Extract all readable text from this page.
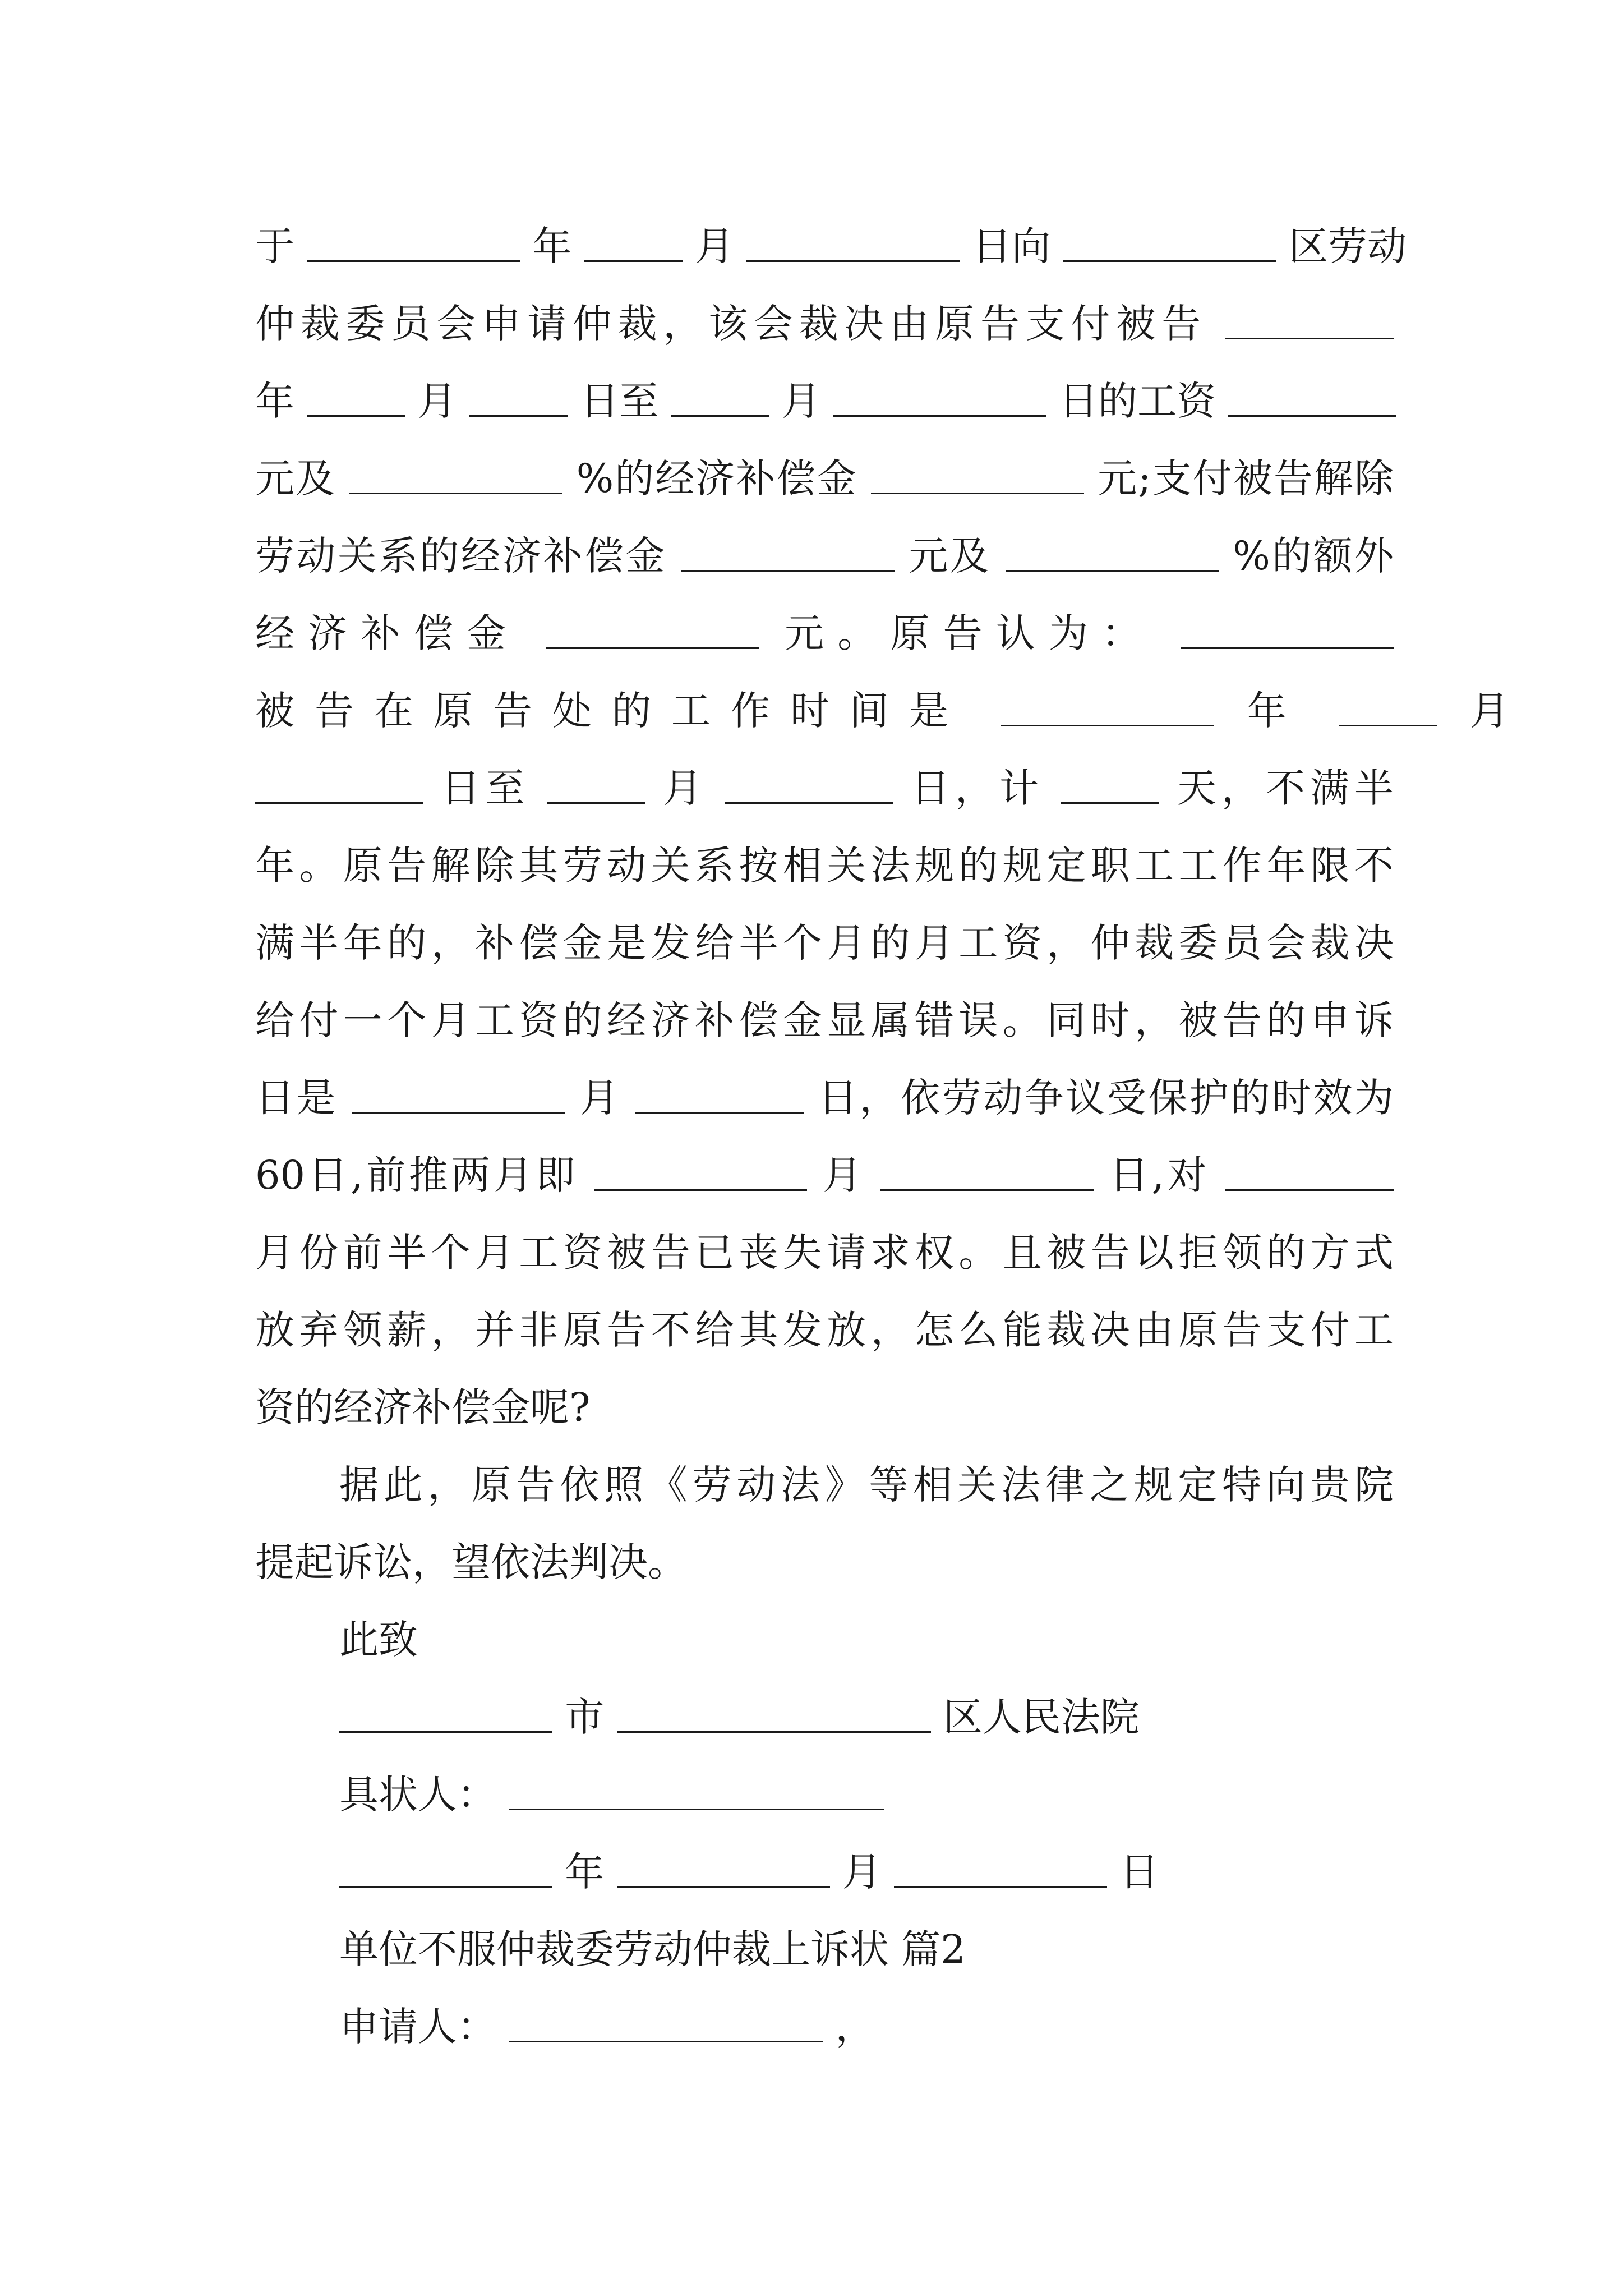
于	年	月	日向	区劳动
仲裁委员会申请仲裁，该会裁决由原告支付被告
年	月	日至	月	日的工资
元及	%的经济补偿金	元;支付被告解除
劳动关系的经济补偿金	元及	%的额外
经济补偿金	元。原告认为：
被告在原告处的工作时间是	年	月
日至	月	日，计	天，不满半
年。原告解除其劳动关系按相关法规的规定职工工作年限不
满半年的，补偿金是发给半个月的月工资，仲裁委员会裁决
给付一个月工资的经济补偿金显属错误。同时，被告的申诉
日是	月	日，依劳动争议受保护的时效为
60日,前推两月即	月	日,对
月份前半个月工资被告已丧失请求权。且被告以拒领的方式
放弃领薪，并非原告不给其发放，怎么能裁决由原告支付工
资的经济补偿金呢?
据此，原告依照《劳动法》等相关法律之规定特向贵院
提起诉讼，望依法判决。
此致
市	区人民法院
具状人：
年	月	日
单位不服仲裁委劳动仲裁上诉状 篇2
申请人：	，
